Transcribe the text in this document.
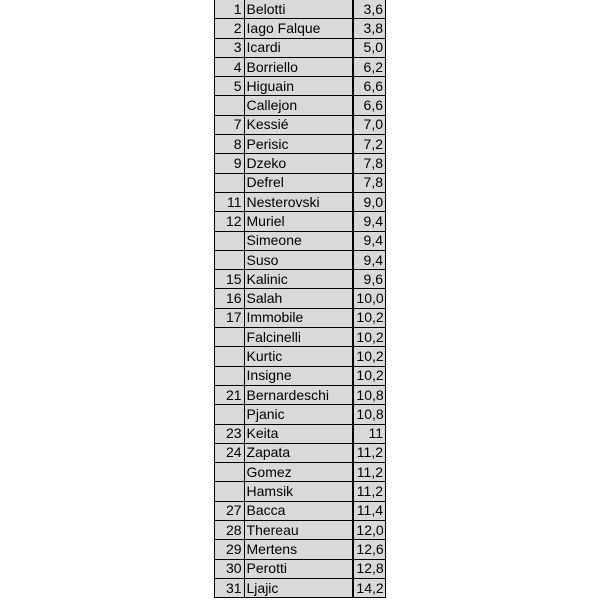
1	Belotti	3,6
2	Iago Falque	3,8
3	Icardi	5,0
4	Borriello	6,2
5	Higuain	6,6
	Callejon	6,6
7	Kessié	7,0
8	Perisic	7,2
9	Dzeko	7,8
	Defrel	7,8
11	Nesterovski	9,0
12	Muriel	9,4
	Simeone	9,4
	Suso	9,4
15	Kalinic	9,6
16	Salah	10,0
17	Immobile	10,2
	Falcinelli	10,2
	Kurtic	10,2
	Insigne	10,2
21	Bernardeschi	10,8
	Pjanic	10,8
23	Keita	11
24	Zapata	11,2
	Gomez	11,2
	Hamsik	11,2
27	Bacca	11,4
28	Thereau	12,0
29	Mertens	12,6
30	Perotti	12,8
31	Ljajic	14,2
